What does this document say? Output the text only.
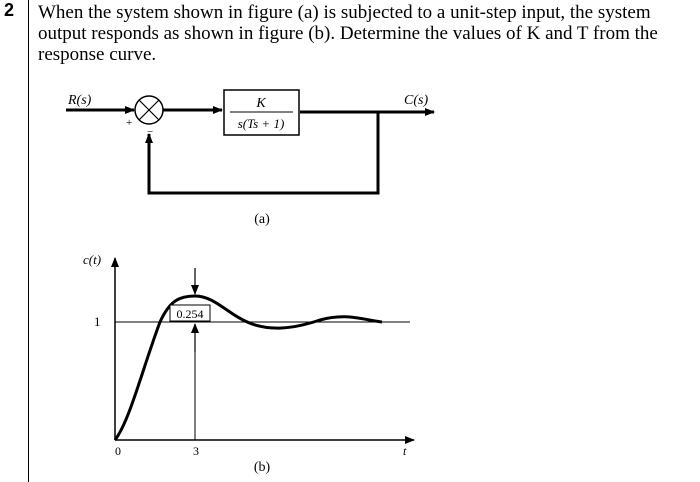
2 When the system shown in figure (a) is subjected to a unit-step input, the system output responds as shown in figure (b). Determine the values of K and T from the response curve.

R(s)
+
−
K
s(Ts + 1)
C(s)
(a)
c(t)
t
1
0	3
0.254
(b)
